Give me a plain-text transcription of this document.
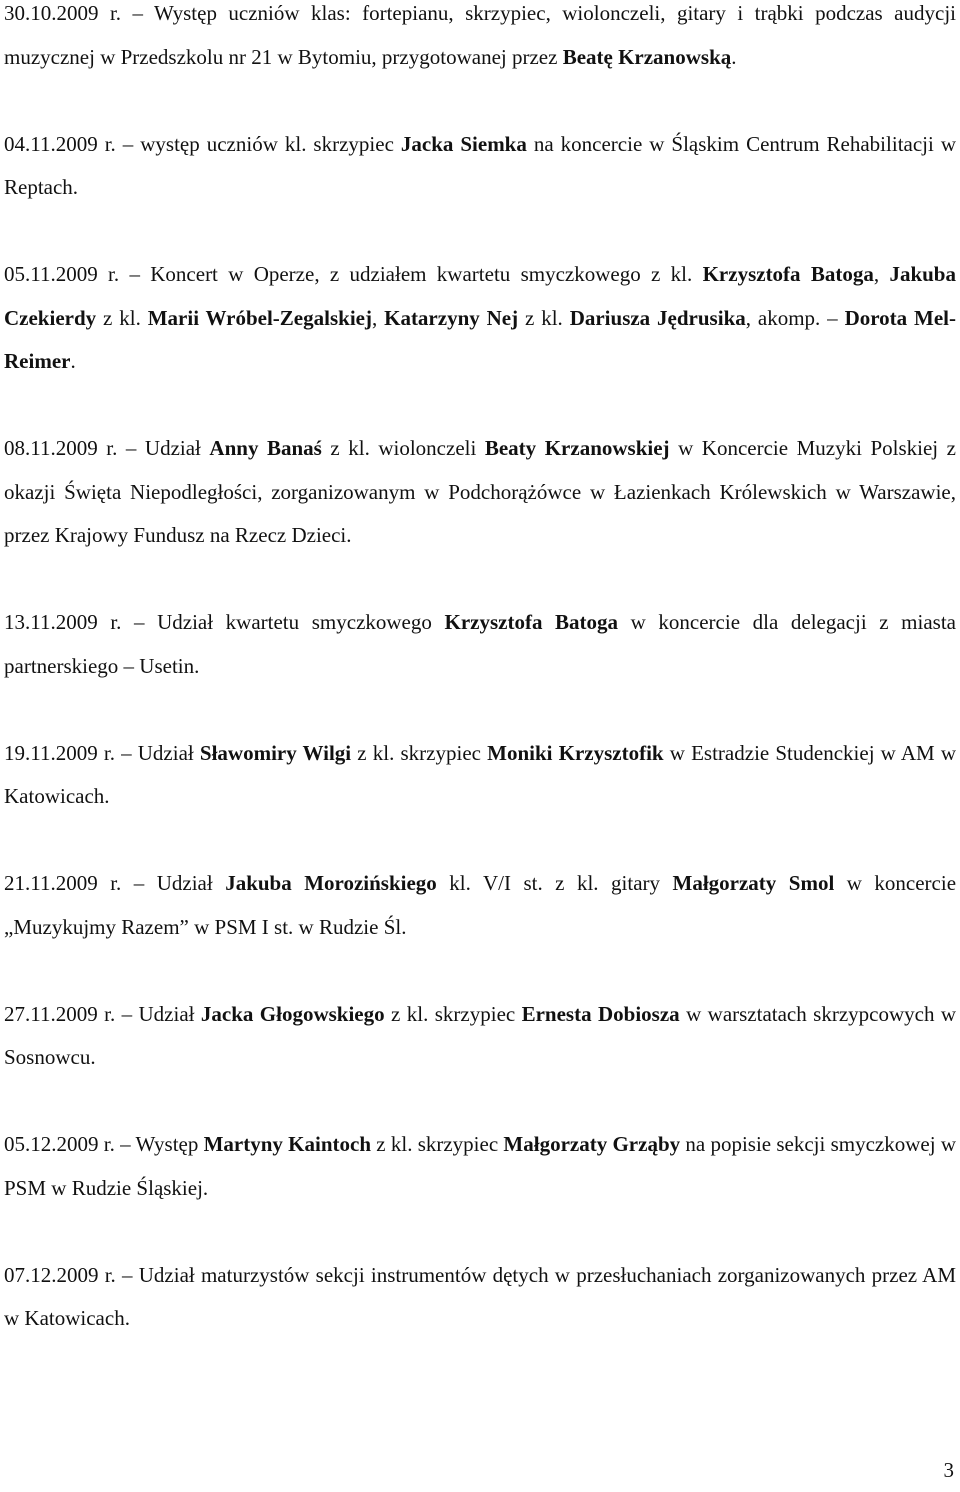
30.10.2009 r. – Występ uczniów klas: fortepianu, skrzypiec, wiolonczeli, gitary i trąbki podczas audycji muzycznej w Przedszkolu nr 21 w Bytomiu, przygotowanej przez Beatę Krzanowską.

04.11.2009 r. – występ uczniów kl. skrzypiec Jacka Siemka na koncercie w Śląskim Centrum Rehabilitacji w Reptach.

05.11.2009 r. – Koncert w Operze, z udziałem kwartetu smyczkowego z kl. Krzysztofa Batoga, Jakuba Czekierdy z kl. Marii Wróbel-Zegalskiej, Katarzyny Nej z kl. Dariusza Jędrusika, akomp. – Dorota Mel-Reimer.

08.11.2009 r. – Udział Anny Banaś z kl. wiolonczeli Beaty Krzanowskiej w Koncercie Muzyki Polskiej z okazji Święta Niepodległości, zorganizowanym w Podchorążówce w Łazienkach Królewskich w Warszawie, przez Krajowy Fundusz na Rzecz Dzieci.

13.11.2009 r. – Udział kwartetu smyczkowego Krzysztofa Batoga w koncercie dla delegacji z miasta partnerskiego – Usetin.

19.11.2009 r. – Udział Sławomiry Wilgi z kl. skrzypiec Moniki Krzysztofik w Estradzie Studenckiej w AM w Katowicach.

21.11.2009 r. – Udział Jakuba Morozińskiego kl. V/I st. z kl. gitary Małgorzaty Smol w koncercie „Muzykujmy Razem” w PSM I st. w Rudzie Śl.

27.11.2009 r. – Udział Jacka Głogowskiego z kl. skrzypiec Ernesta Dobiosza w warsztatach skrzypcowych w Sosnowcu.

05.12.2009 r. – Występ Martyny Kaintoch z kl. skrzypiec Małgorzaty Grząby na popisie sekcji smyczkowej w PSM w Rudzie Śląskiej.

07.12.2009 r. – Udział maturzystów sekcji instrumentów dętych w przesłuchaniach zorganizowanych przez AM w Katowicach.

3
